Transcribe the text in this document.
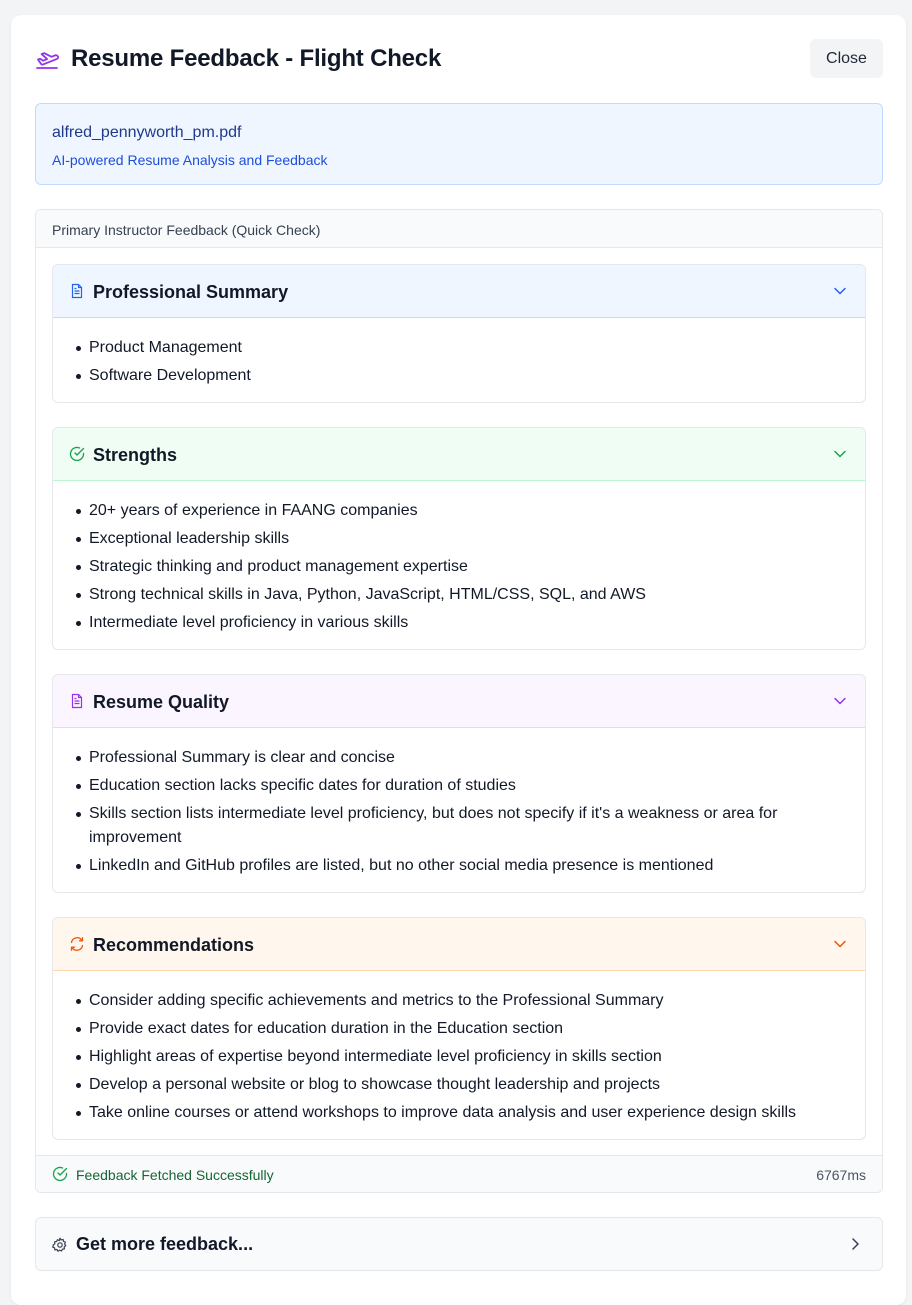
Resume Feedback - Flight Check	Close
alfred_pennyworth_pm.pdf
AI-powered Resume Analysis and Feedback
Primary Instructor Feedback (Quick Check)
Professional Summary
Product Management
Software Development
Strengths
20+ years of experience in FAANG companies
Exceptional leadership skills
Strategic thinking and product management expertise
Strong technical skills in Java, Python, JavaScript, HTML/CSS, SQL, and AWS
Intermediate level proficiency in various skills
Resume Quality
Professional Summary is clear and concise
Education section lacks specific dates for duration of studies
Skills section lists intermediate level proficiency, but does not specify if it's a weakness or area for improvement
LinkedIn and GitHub profiles are listed, but no other social media presence is mentioned
Recommendations
Consider adding specific achievements and metrics to the Professional Summary
Provide exact dates for education duration in the Education section
Highlight areas of expertise beyond intermediate level proficiency in skills section
Develop a personal website or blog to showcase thought leadership and projects
Take online courses or attend workshops to improve data analysis and user experience design skills
Feedback Fetched Successfully	6767ms
Get more feedback...
